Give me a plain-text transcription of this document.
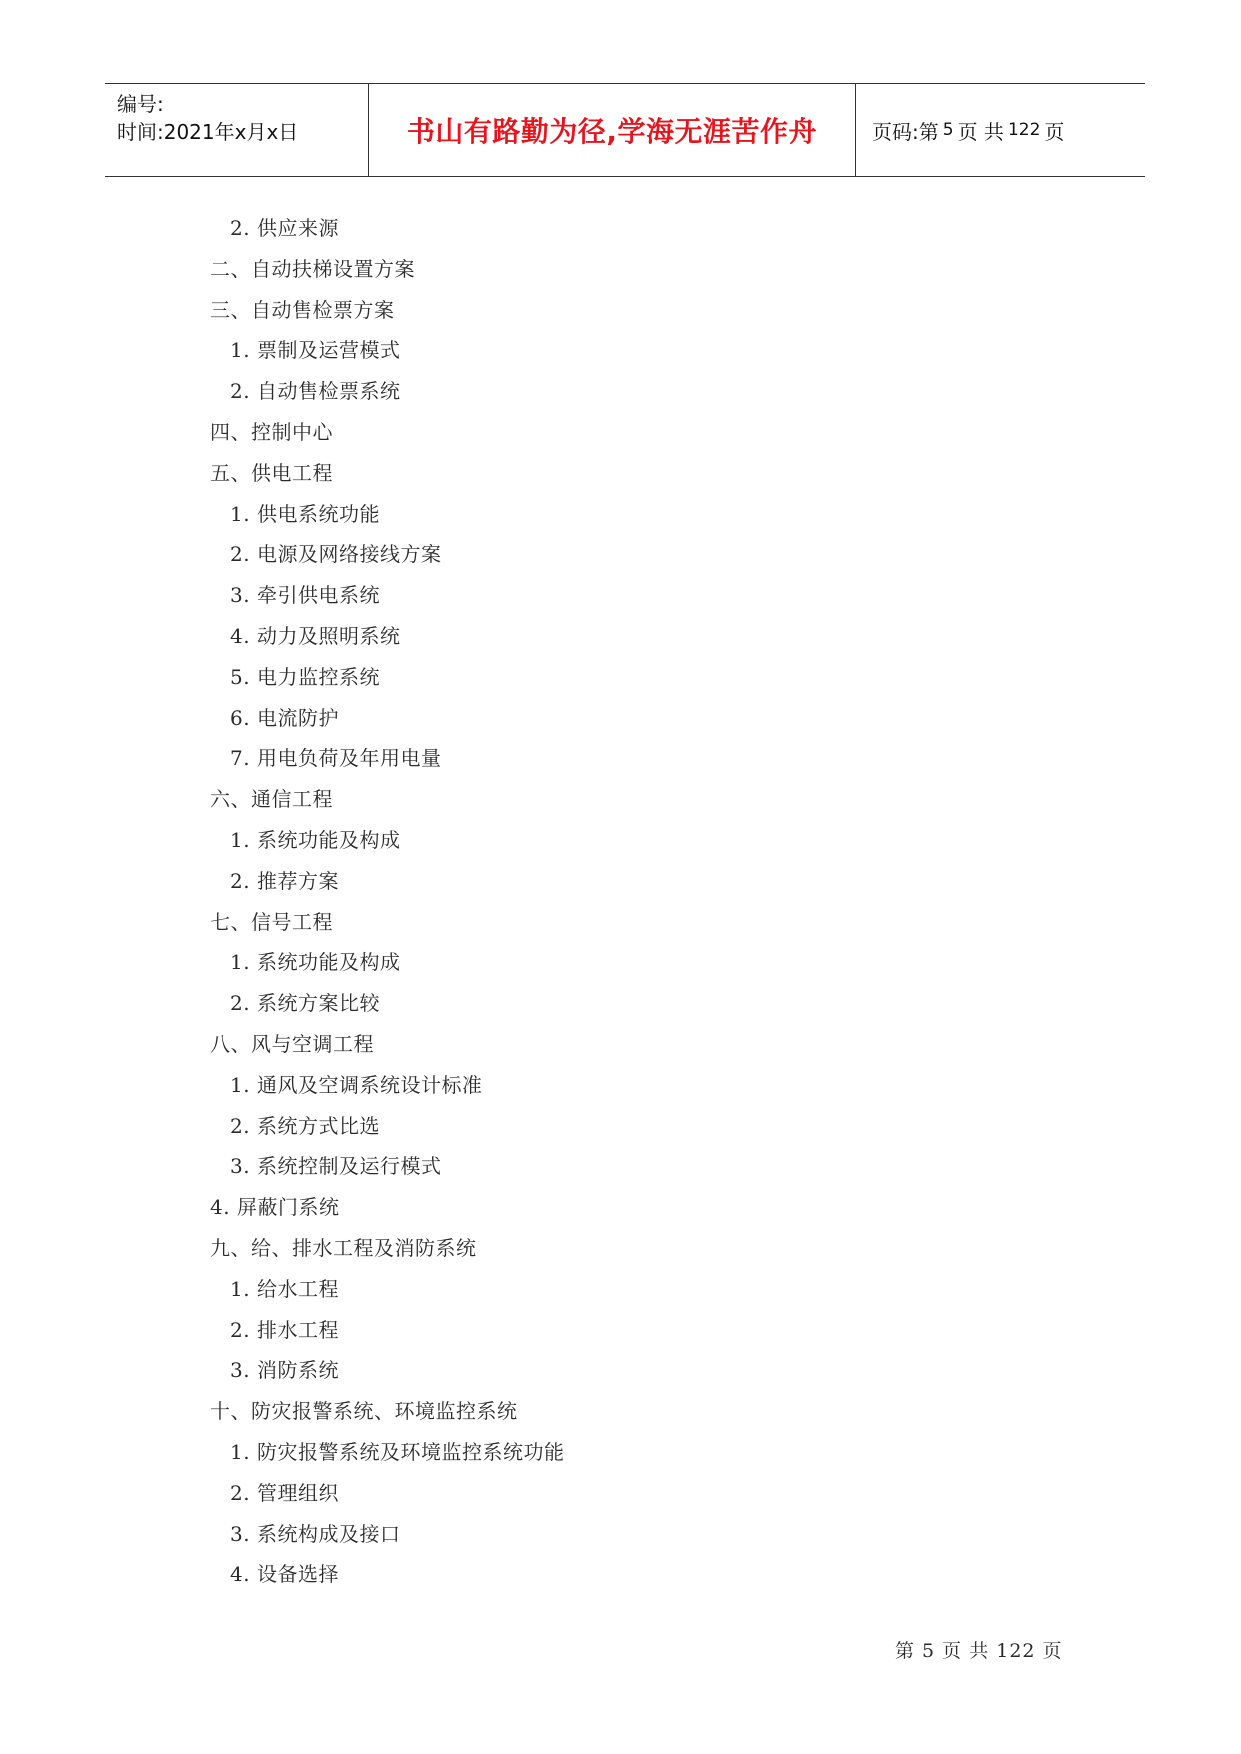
编号:
时间:2021年x月x日	书山有路勤为径,学海无涯苦作舟	页码:第 5 页 共 122 页
2. 供应来源
二、自动扶梯设置方案
三、自动售检票方案
1. 票制及运营模式
2. 自动售检票系统
四、控制中心
五、供电工程
1. 供电系统功能
2. 电源及网络接线方案
3. 牵引供电系统
4. 动力及照明系统
5. 电力监控系统
6. 电流防护
7. 用电负荷及年用电量
六、通信工程
1. 系统功能及构成
2. 推荐方案
七、信号工程
1. 系统功能及构成
2. 系统方案比较
八、风与空调工程
1. 通风及空调系统设计标准
2. 系统方式比选
3. 系统控制及运行模式
4. 屏蔽门系统
九、给、排水工程及消防系统
1. 给水工程
2. 排水工程
3. 消防系统
十、防灾报警系统、环境监控系统
1. 防灾报警系统及环境监控系统功能
2. 管理组织
3. 系统构成及接口
4. 设备选择
第 5 页 共 122 页
